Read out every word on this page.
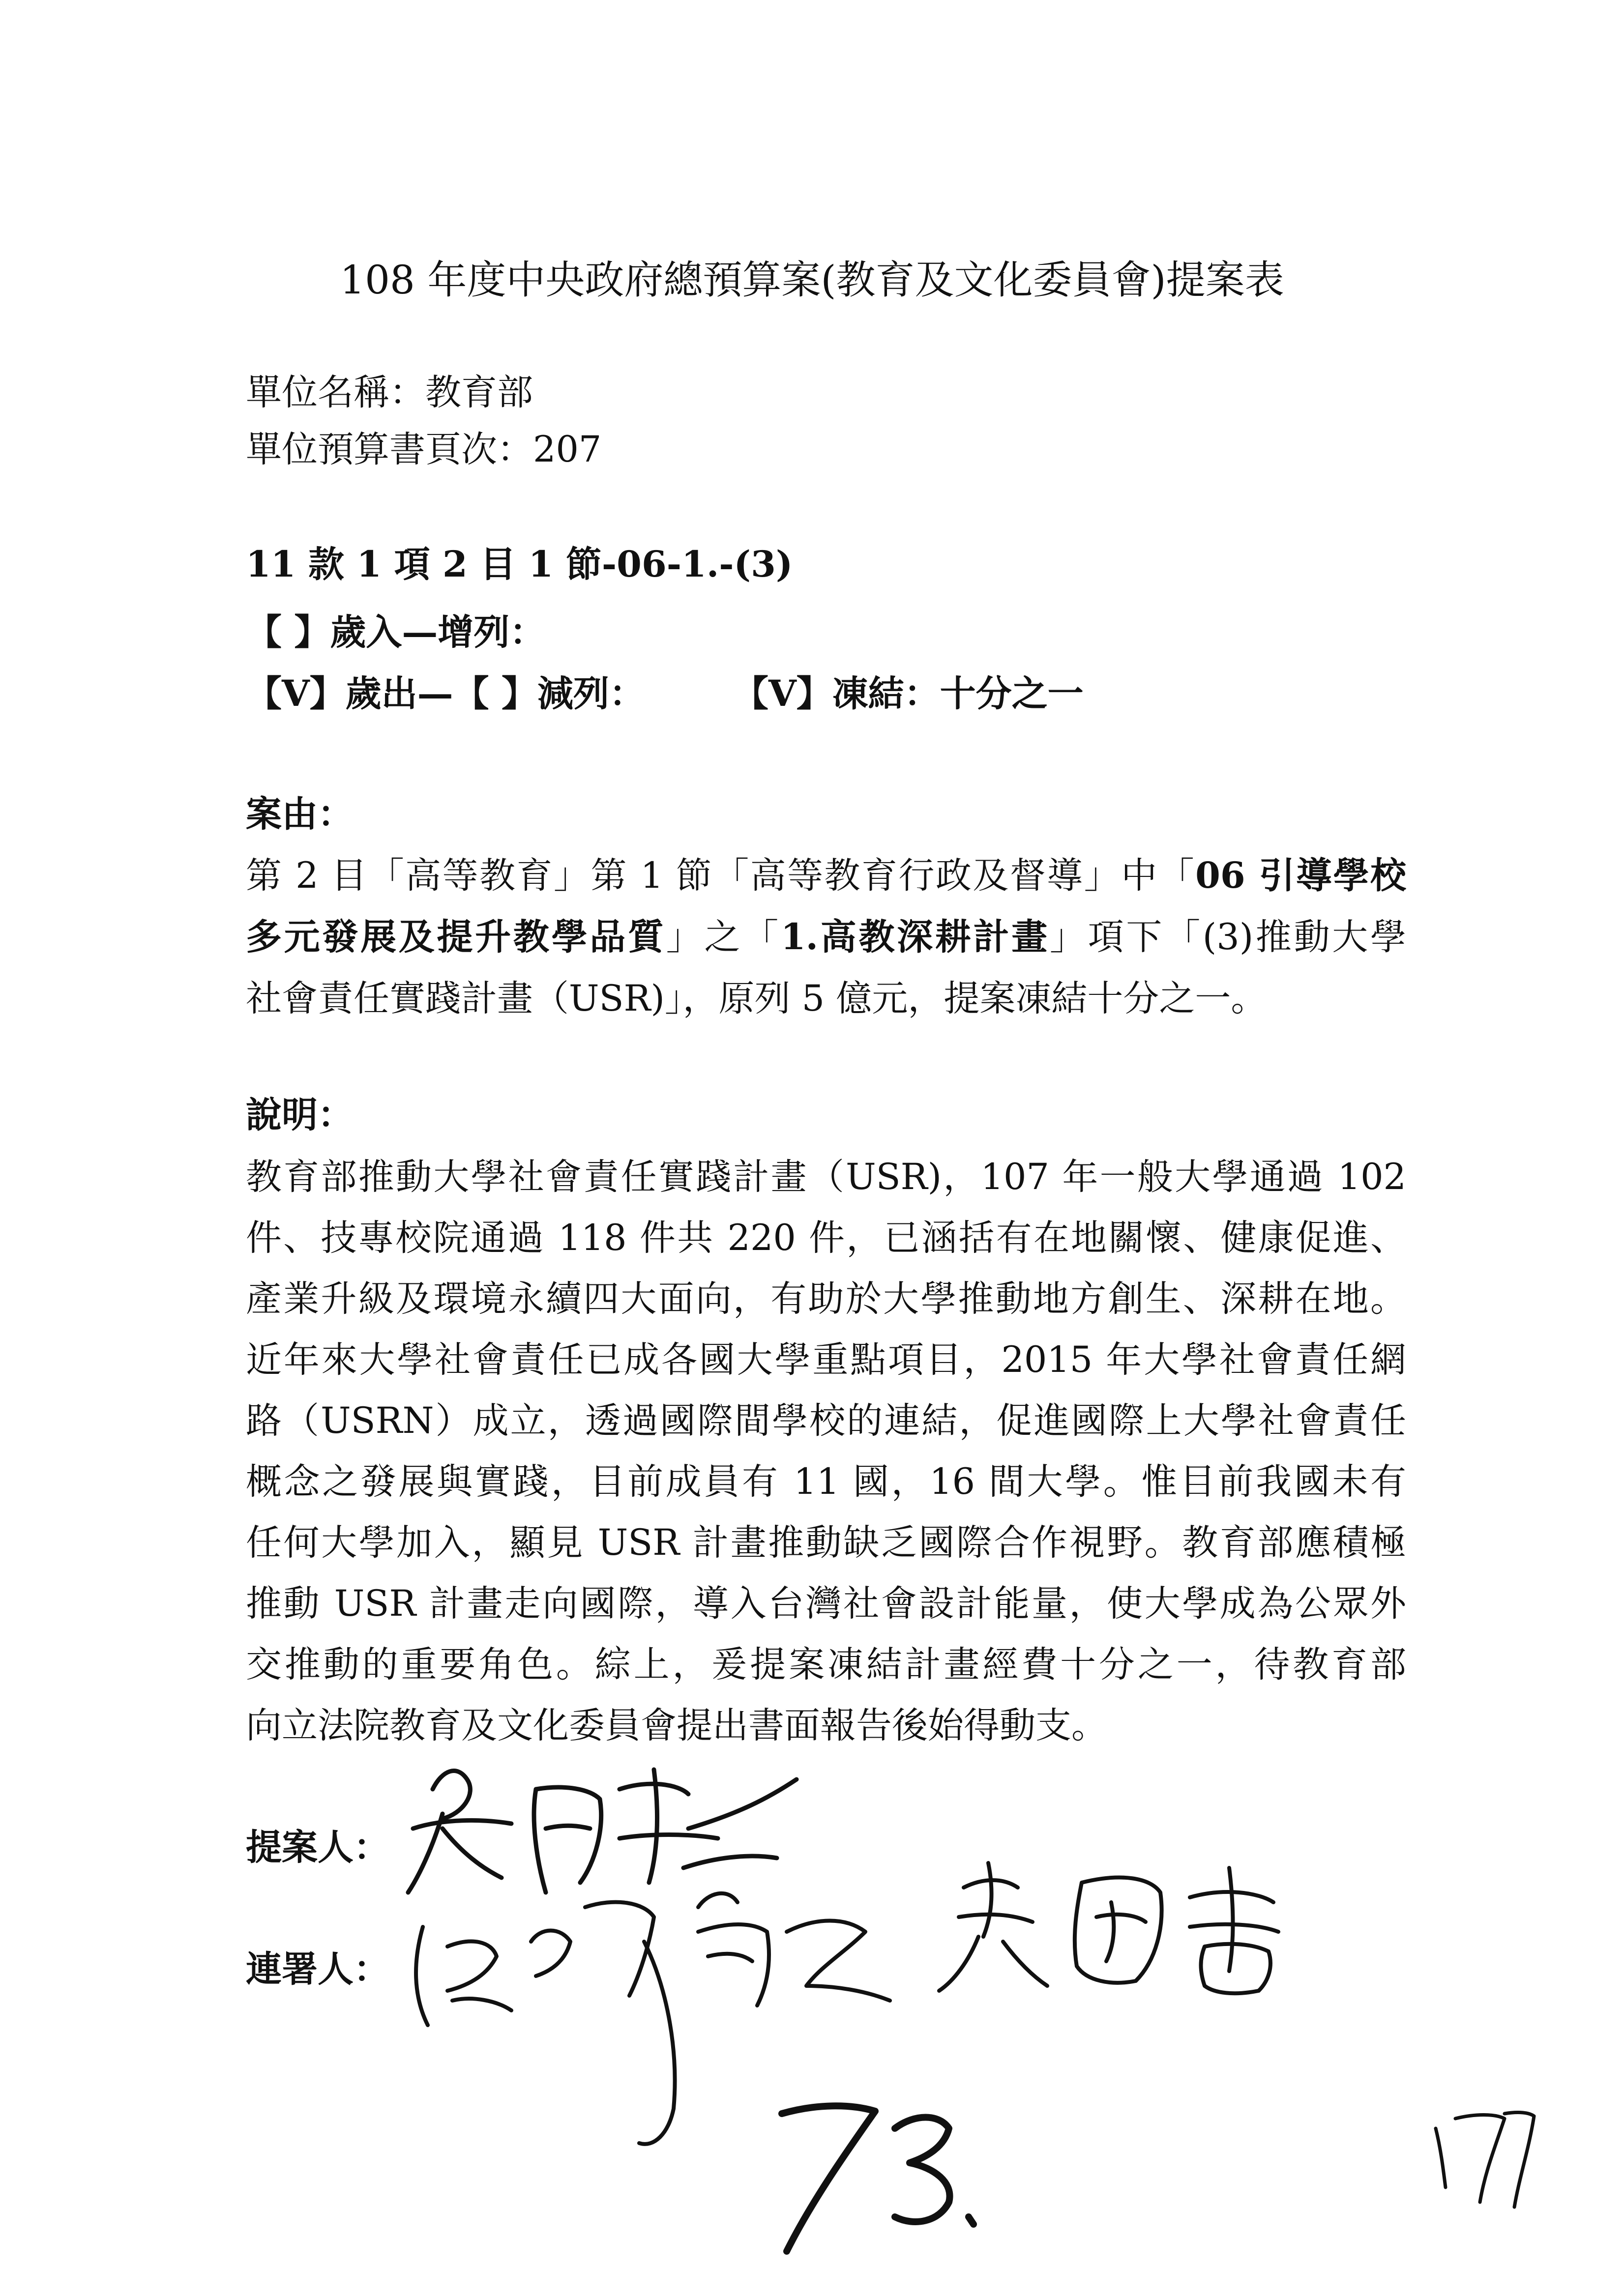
108 年度中央政府總預算案(教育及文化委員會)提案表
單位名稱：教育部
單位預算書頁次：207
11 款 1 項 2 目 1 節-06-1.-(3)
【 】歲入—增列：
【V】歲出—【 】減列： 【V】凍結：十分之一
案由：
第 2 目「高等教育」第 1 節「高等教育行政及督導」中「06 引導學校
多元發展及提升教學品質」之「1.高教深耕計畫」項下「(3)推動大學
社會責任實踐計畫（USR)」，原列 5 億元，提案凍結十分之一。
說明：
教育部推動大學社會責任實踐計畫（USR)，107 年一般大學通過 102
件、技專校院通過 118 件共 220 件，已涵括有在地關懷、健康促進、
產業升級及環境永續四大面向，有助於大學推動地方創生、深耕在地。
近年來大學社會責任已成各國大學重點項目，2015 年大學社會責任網
路（USRN）成立，透過國際間學校的連結，促進國際上大學社會責任
概念之發展與實踐，目前成員有 11 國，16 間大學。惟目前我國未有
任何大學加入，顯見 USR 計畫推動缺乏國際合作視野。教育部應積極
推動 USR 計畫走向國際，導入台灣社會設計能量，使大學成為公眾外
交推動的重要角色。綜上，爰提案凍結計畫經費十分之一，待教育部
向立法院教育及文化委員會提出書面報告後始得動支。
提案人：
連署人：
